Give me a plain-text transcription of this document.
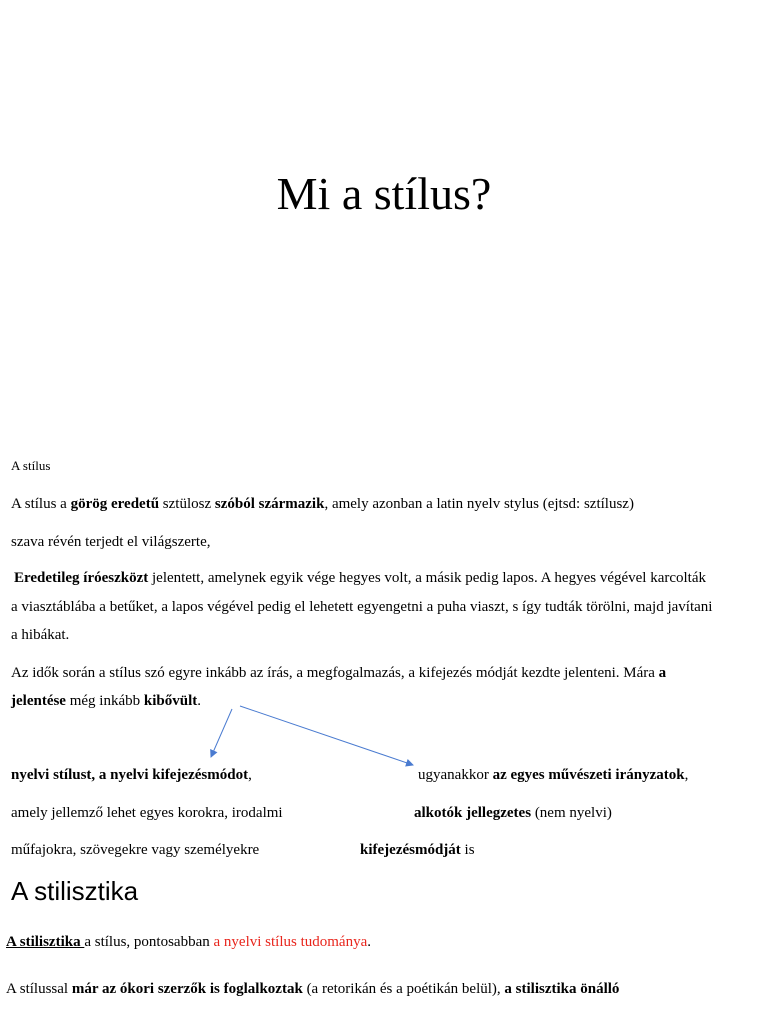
Mi a stílus?
A stílus
A stílus a görög eredetű sztülosz szóból származik, amely azonban a latin nyelv stylus (ejtsd: sztílusz)
szava révén terjedt el világszerte,
Eredetileg íróeszközt jelentett, amelynek egyik vége hegyes volt, a másik pedig lapos. A hegyes végével karcolták
a viasztáblába a betűket, a lapos végével pedig el lehetett egyengetni a puha viaszt, s így tudták törölni, majd javítani
a hibákat.
Az idők során a stílus szó egyre inkább az írás, a megfogalmazás, a kifejezés módját kezdte jelenteni. Mára a
jelentése még inkább kibővült.
nyelvi stílust, a nyelvi kifejezésmódot,
amely jellemző lehet egyes korokra, irodalmi
műfajokra, szövegekre vagy személyekre
ugyanakkor az egyes művészeti irányzatok,
alkotók jellegzetes (nem nyelvi)
kifejezésmódját is
A stilisztika
A stilisztika a stílus, pontosabban a nyelvi stílus tudománya.
A stílussal már az ókori szerzők is foglalkoztak (a retorikán és a poétikán belül), a stilisztika önálló
